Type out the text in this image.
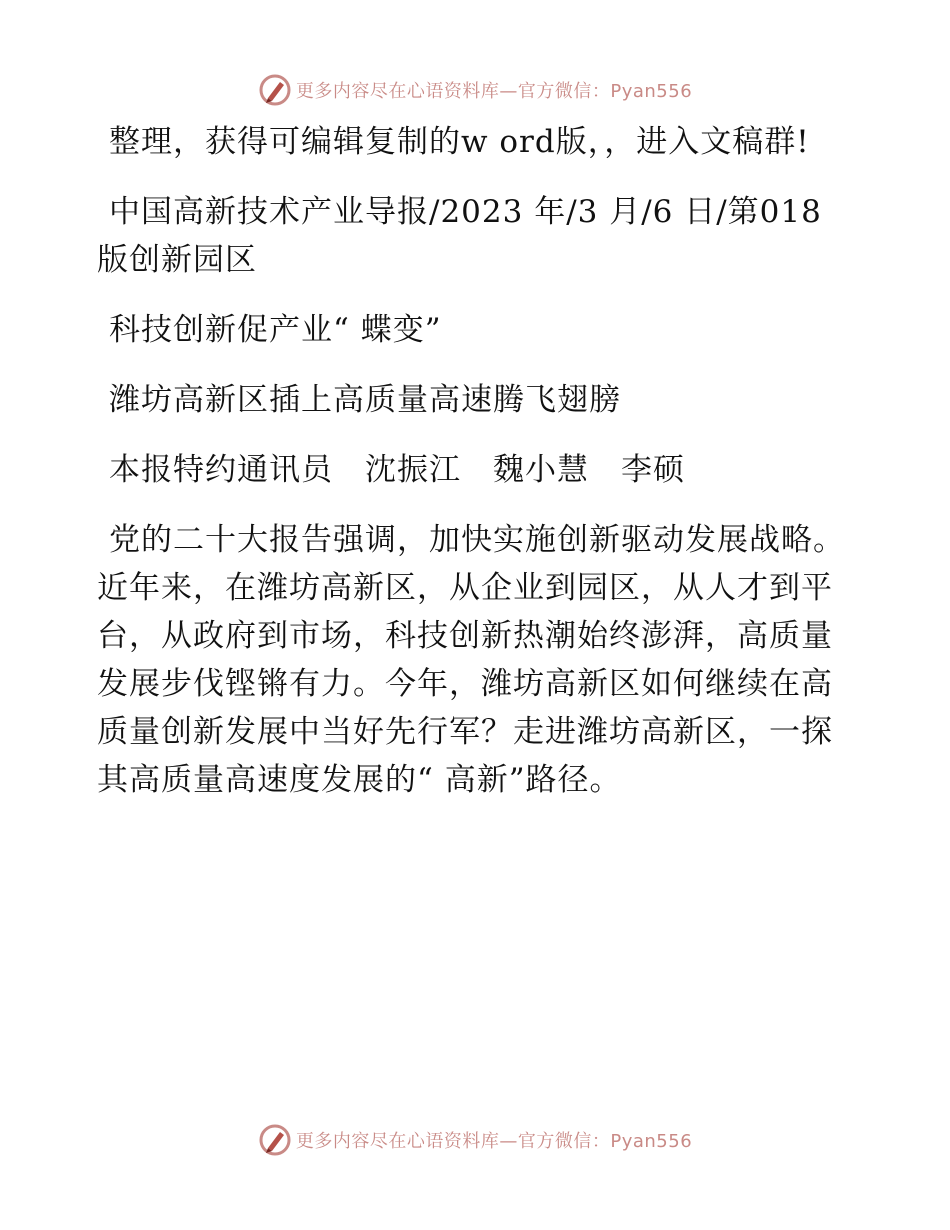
更多内容尽在心语资料库—官方微信：Pyan556

整理，获得可编辑复制的w ord版，，进入文稿群!

中国高新技术产业导报/2023 年/3 月/6 日/第018 版创新园区

科技创新促产业“ 蝶变”

潍坊高新区插上高质量高速腾飞翅膀

本报特约通讯员　沈振江　魏小慧　李硕

党的二十大报告强调，加快实施创新驱动发展战略。近年来，在潍坊高新区，从企业到园区，从人才到平台，从政府到市场，科技创新热潮始终澎湃，高质量发展步伐铿锵有力。今年，潍坊高新区如何继续在高质量创新发展中当好先行军？走进潍坊高新区，一探其高质量高速度发展的“ 高新”路径。

更多内容尽在心语资料库—官方微信：Pyan556
